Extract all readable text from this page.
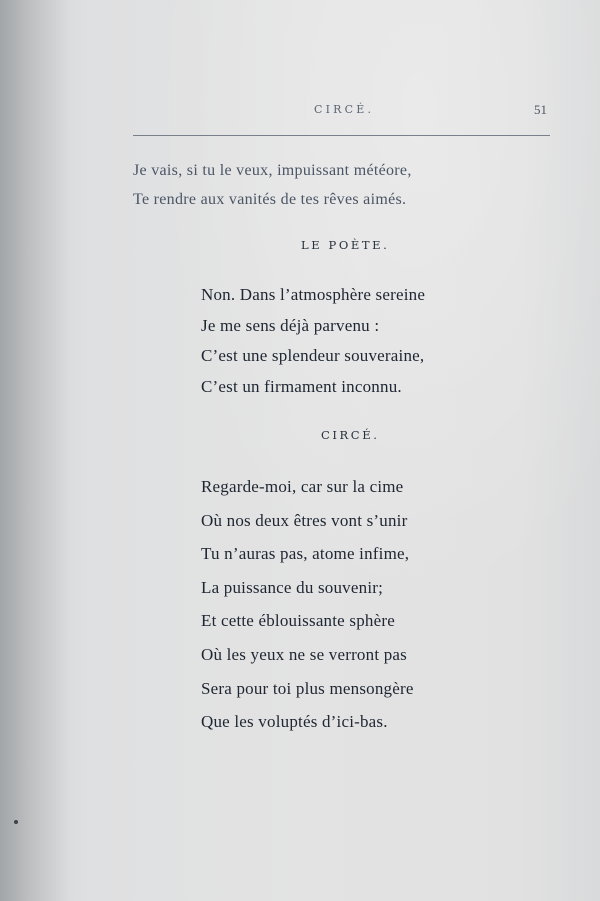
CIRCÉ.	51
Je vais, si tu le veux, impuissant météore,
Te rendre aux vanités de tes rêves aimés.
LE POÈTE.
Non. Dans l’atmosphère sereine
Je me sens déjà parvenu :
C’est une splendeur souveraine,
C’est un firmament inconnu.
CIRCÉ.
Regarde-moi, car sur la cime
Où nos deux êtres vont s’unir
Tu n’auras pas, atome infime,
La puissance du souvenir;
Et cette éblouissante sphère
Où les yeux ne se verront pas
Sera pour toi plus mensongère
Que les voluptés d’ici-bas.
